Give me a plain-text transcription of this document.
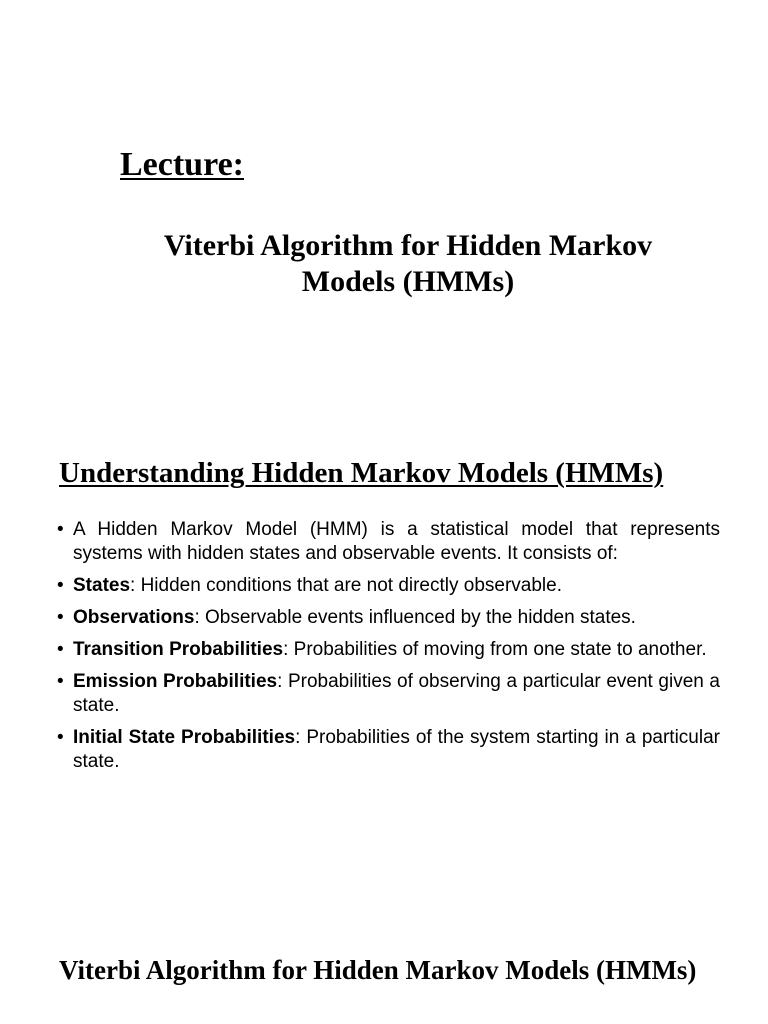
Lecture:
Viterbi Algorithm for Hidden Markov
Models (HMMs)
Understanding Hidden Markov Models (HMMs)
• A Hidden Markov Model (HMM) is a statistical model that represents systems with hidden states and observable events. It consists of:
• States: Hidden conditions that are not directly observable.
• Observations: Observable events influenced by the hidden states.
• Transition Probabilities: Probabilities of moving from one state to another.
• Emission Probabilities: Probabilities of observing a particular event given a state.
• Initial State Probabilities: Probabilities of the system starting in a particular state.
Viterbi Algorithm for Hidden Markov Models (HMMs)
